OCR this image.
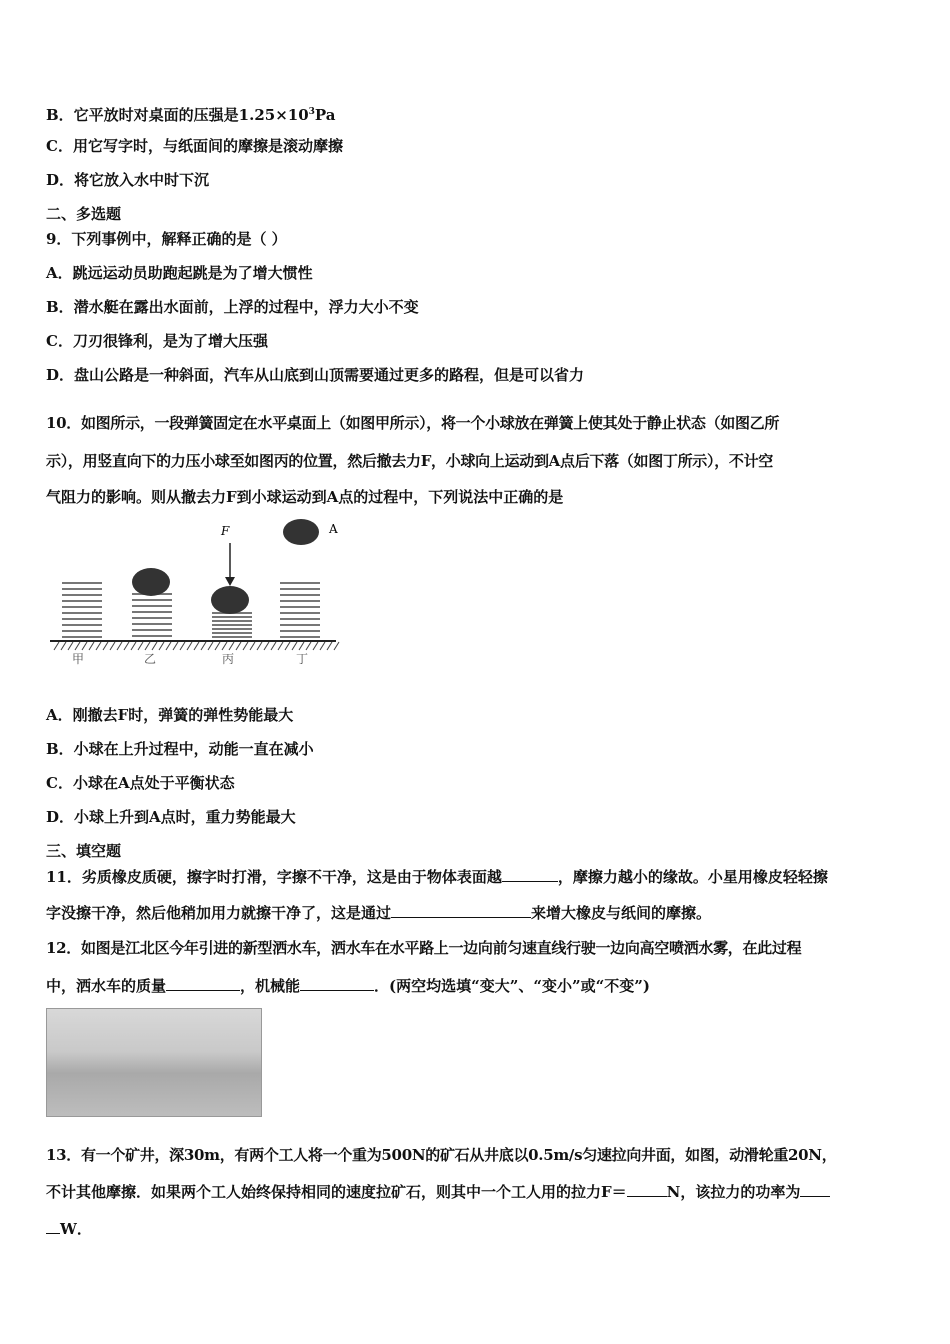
B．它平放时对桌面的压强是$1.25\times 10^3Pa$
C．用它写字时，与纸面间的摩擦是滚动摩擦
D．将它放入水中时下沉
二、多选题
9．下列事例中，解释正确的是（ ）
A．跳远运动员助跑起跳是为了增大惯性
B．潜水艇在露出水面前，上浮的过程中，浮力大小不变
C．刀刃很锋利，是为了增大压强
D．盘山公路是一种斜面，汽车从山底到山顶需要通过更多的路程，但是可以省力
10．如图所示，一段弹簧固定在水平桌面上（如图甲所示），将一个小球放在弹簧上使其处于静止状态（如图乙所
示），用竖直向下的力压小球至如图丙的位置，然后撤去力F，小球向上运动到A点后下落（如图丁所示），不计空
气阻力的影响。则从撤去力F到小球运动到A点的过程中，下列说法中正确的是
F	A
甲	乙	丙	丁
A．刚撤去F时，弹簧的弹性势能最大
B．小球在上升过程中，动能一直在减小
C．小球在A点处于平衡状态
D．小球上升到A点时，重力势能最大
三、填空题
11．劣质橡皮质硬，擦字时打滑，字擦不干净，这是由于物体表面越	，摩擦力越小的缘故。小星用橡皮轻轻擦
字没擦干净，然后他稍加用力就擦干净了，这是通过	来增大橡皮与纸间的摩擦。
12．如图是江北区今年引进的新型洒水车，洒水车在水平路上一边向前匀速直线行驶一边向高空喷洒水雾，在此过程
中，洒水车的质量	，机械能	．(两空均选填“变大”、“变小”或“不变”)
13．有一个矿井，深30m，有两个工人将一个重为500N的矿石从井底以0.5m/s匀速拉向井面，如图，动滑轮重20N，
不计其他摩擦．如果两个工人始终保持相同的速度拉矿石，则其中一个工人用的拉力F＝	N，该拉力的功率为
W．
